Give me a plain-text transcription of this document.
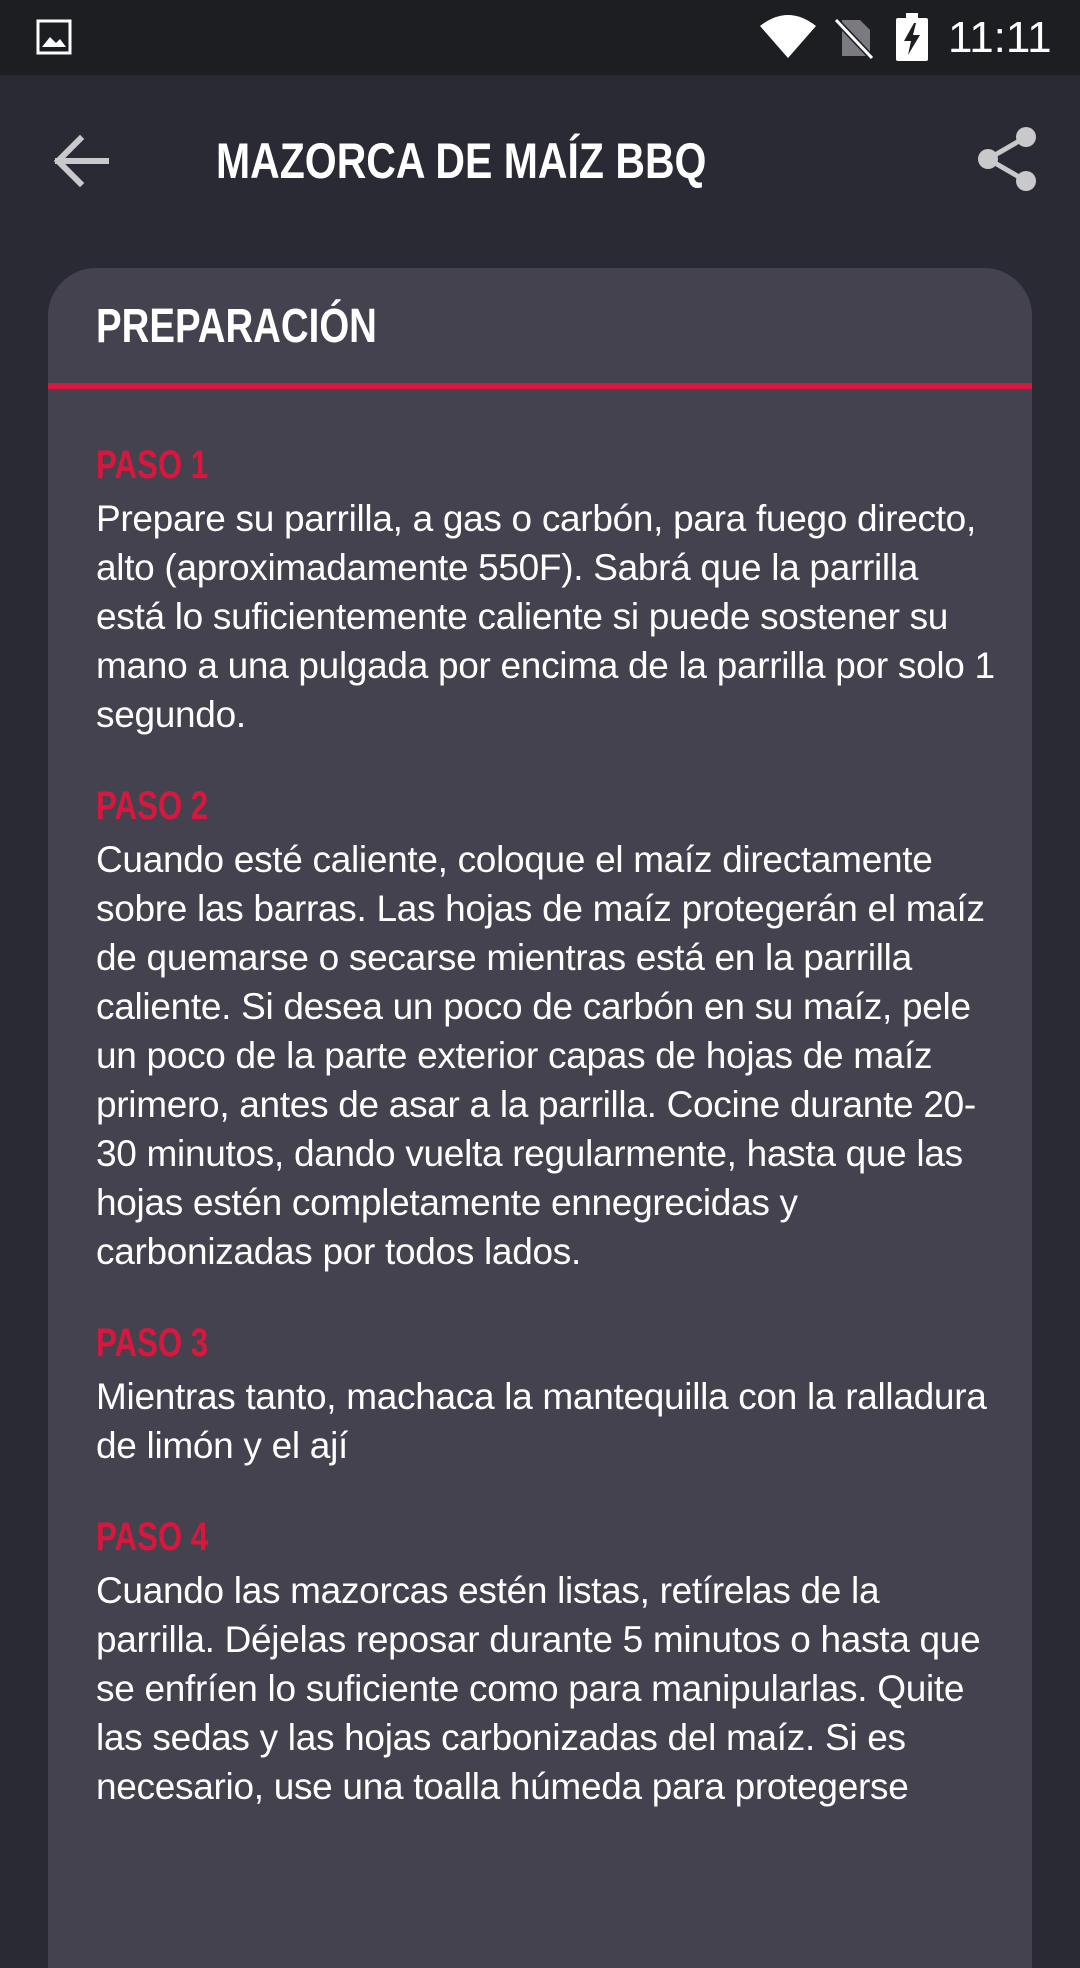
11:11
MAZORCA DE MAÍZ BBQ
PREPARACIÓN
PASO 1
Prepare su parrilla, a gas o carbón, para fuego directo, alto (aproximadamente 550F). Sabrá que la parrilla está lo suficientemente caliente si puede sostener su mano a una pulgada por encima de la parrilla por solo 1 segundo.
PASO 2
Cuando esté caliente, coloque el maíz directamente sobre las barras. Las hojas de maíz protegerán el maíz de quemarse o secarse mientras está en la parrilla caliente. Si desea un poco de carbón en su maíz, pele un poco de la parte exterior capas de hojas de maíz primero, antes de asar a la parrilla. Cocine durante 20-30 minutos, dando vuelta regularmente, hasta que las hojas estén completamente ennegrecidas y carbonizadas por todos lados.
PASO 3
Mientras tanto, machaca la mantequilla con la ralladura de limón y el ají
PASO 4
Cuando las mazorcas estén listas, retírelas de la parrilla. Déjelas reposar durante 5 minutos o hasta que se enfríen lo suficiente como para manipularlas. Quite las sedas y las hojas carbonizadas del maíz. Si es necesario, use una toalla húmeda para protegerse
